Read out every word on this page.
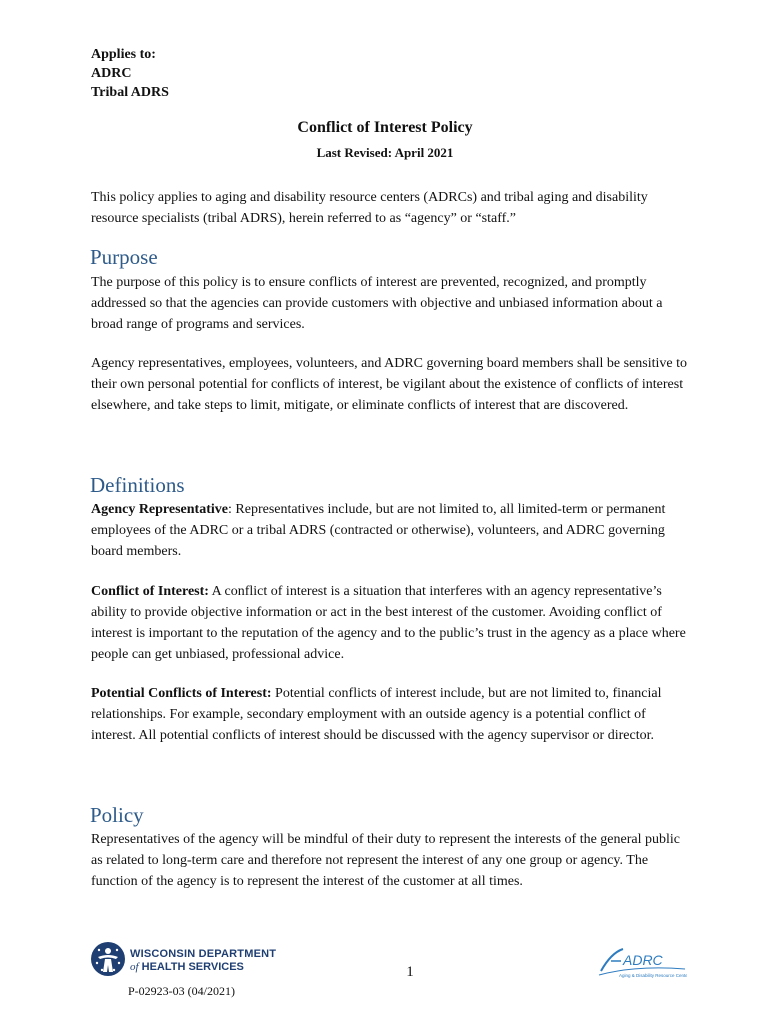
Applies to:
ADRC
Tribal ADRS
Conflict of Interest Policy
Last Revised: April 2021
This policy applies to aging and disability resource centers (ADRCs) and tribal aging and disability resource specialists (tribal ADRS), herein referred to as “agency” or “staff.”
Purpose
The purpose of this policy is to ensure conflicts of interest are prevented, recognized, and promptly addressed so that the agencies can provide customers with objective and unbiased information about a broad range of programs and services.
Agency representatives, employees, volunteers, and ADRC governing board members shall be sensitive to their own personal potential for conflicts of interest, be vigilant about the existence of conflicts of interest elsewhere, and take steps to limit, mitigate, or eliminate conflicts of interest that are discovered.
Definitions
Agency Representative: Representatives include, but are not limited to, all limited-term or permanent employees of the ADRC or a tribal ADRS (contracted or otherwise), volunteers, and ADRC governing board members.
Conflict of Interest: A conflict of interest is a situation that interferes with an agency representative’s ability to provide objective information or act in the best interest of the customer. Avoiding conflict of interest is important to the reputation of the agency and to the public’s trust in the agency as a place where people can get unbiased, professional advice.
Potential Conflicts of Interest: Potential conflicts of interest include, but are not limited to, financial relationships. For example, secondary employment with an outside agency is a potential conflict of interest. All potential conflicts of interest should be discussed with the agency supervisor or director.
Policy
Representatives of the agency will be mindful of their duty to represent the interests of the general public as related to long-term care and therefore not represent the interest of any one group or agency. The function of the agency is to represent the interest of the customer at all times.
WISCONSIN DEPARTMENT
of HEALTH SERVICES	1
P-02923-03 (04/2021)
ADRC
Aging & Disability Resource Center
